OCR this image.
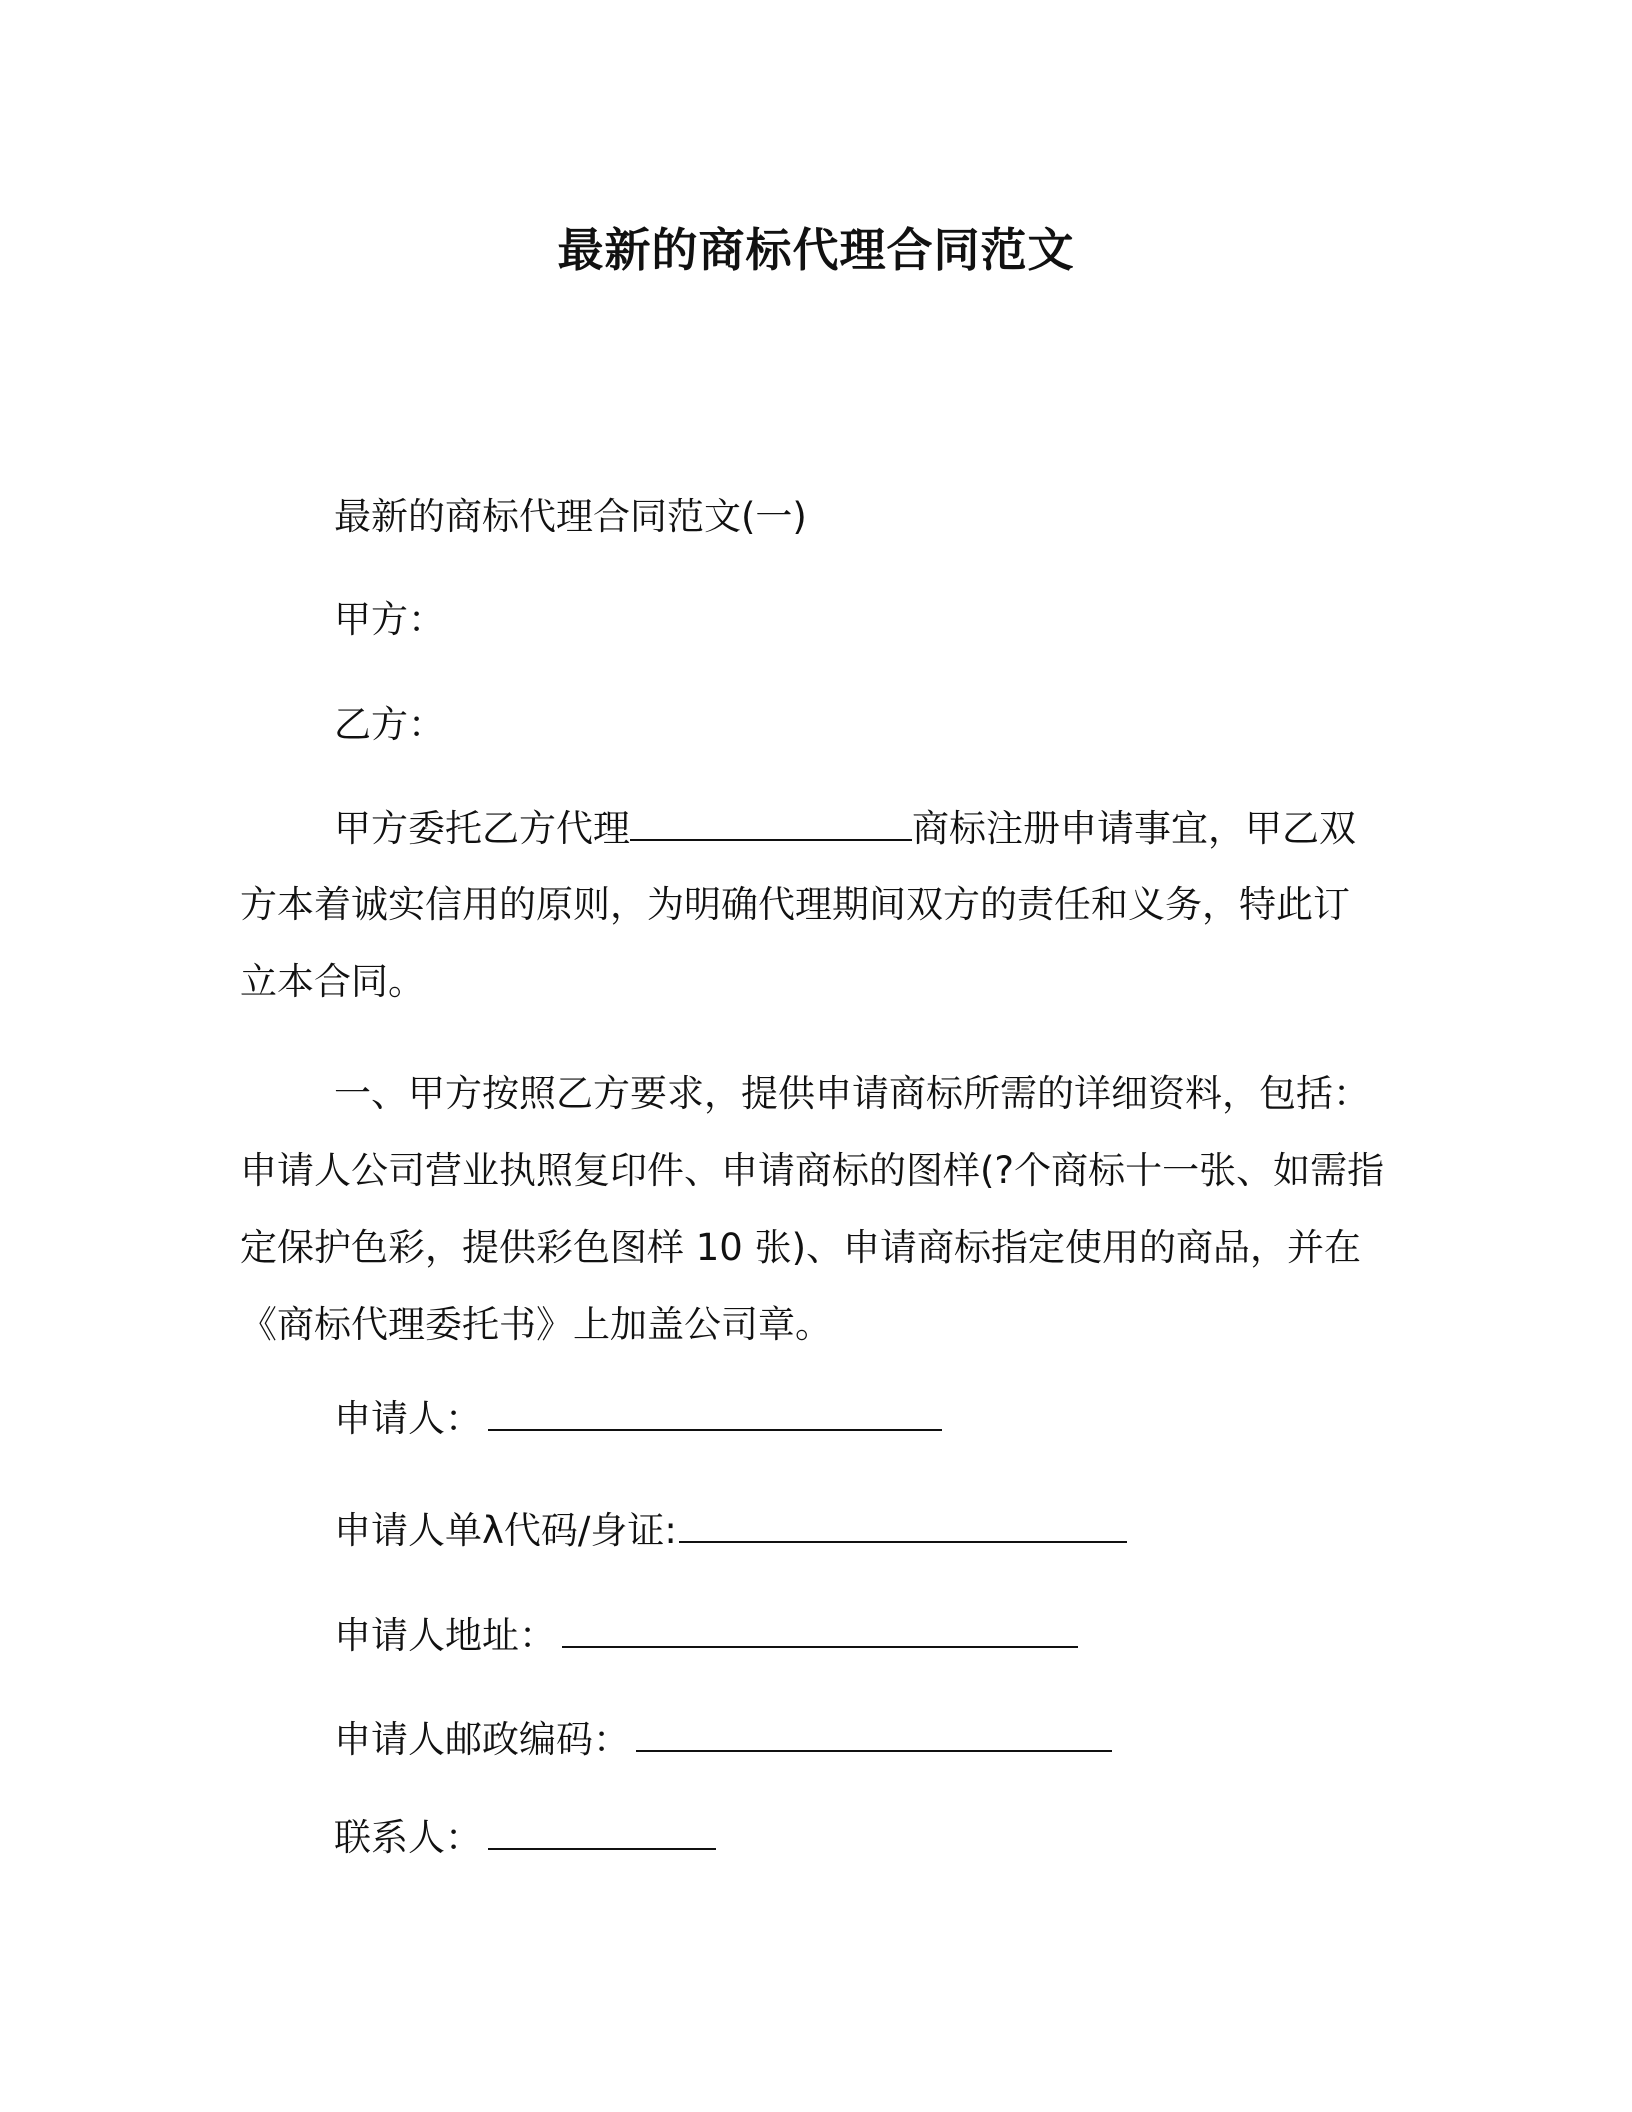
最新的商标代理合同范文
最新的商标代理合同范文(一)
甲方：
乙方：
甲方委托乙方代理	商标注册申请事宜，甲乙双
方本着诚实信用的原则，为明确代理期间双方的责任和义务，特此订
立本合同。

一、甲方按照乙方要求，提供申请商标所需的详细资料，包括：申请人公司营业执照复印件、申请商标的图样(?个商标十一张、如需指定保护色彩，提供彩色图样 10 张)、申请商标指定使用的商品，并在《商标代理委托书》上加盖公司章。

申请人：
申请人单λ代码/身证:
申请人地址：
申请人邮政编码：
联系人：
